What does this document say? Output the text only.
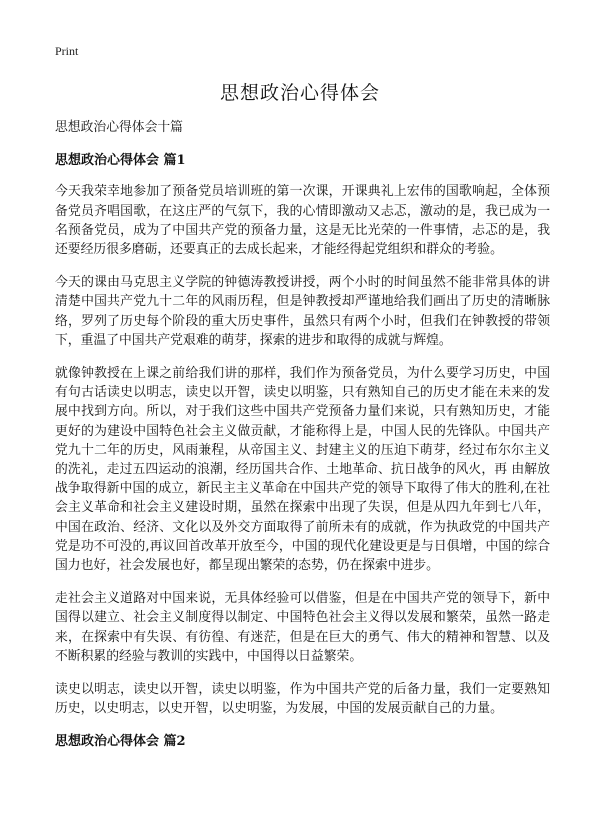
Print
思想政治心得体会

思想政治心得体会十篇

思想政治心得体会 篇1

今天我荣幸地参加了预备党员培训班的第一次课，开课典礼上宏伟的国歌响起，全体预备党员齐唱国歌，在这庄严的气氛下，我的心情即激动又忐忑，激动的是，我已成为一名预备党员，成为了中国共产党的预备力量，这是无比光荣的一件事情，忐忑的是，我还要经历很多磨砺，还要真正的去成长起来，才能经得起党组织和群众的考验。

今天的课由马克思主义学院的钟德涛教授讲授，两个小时的时间虽然不能非常具体的讲清楚中国共产党九十二年的风雨历程，但是钟教授却严谨地给我们画出了历史的清晰脉络，罗列了历史每个阶段的重大历史事件，虽然只有两个小时，但我们在钟教授的带领下，重温了中国共产党艰难的萌芽，探索的进步和取得的成就与辉煌。

就像钟教授在上课之前给我们讲的那样，我们作为预备党员，为什么要学习历史，中国有句古话读史以明志，读史以开智，读史以明鉴，只有熟知自己的历史才能在未来的发展中找到方向。所以，对于我们这些中国共产党预备力量们来说，只有熟知历史，才能更好的为建设中国特色社会主义做贡献，才能称得上是，中国人民的先锋队。中国共产党九十二年的历史，风雨兼程，从帝国主义、封建主义的压迫下萌芽，经过布尔尔主义的洗礼，走过五四运动的浪潮，经历国共合作、土地革命、抗日战争的风火，再 由解放战争取得新中国的成立，新民主主义革命在中国共产党的领导下取得了伟大的胜利,在社会主义革命和社会主义建设时期，虽然在探索中出现了失误，但是从四九年到七八年，中国在政治、经济、文化以及外交方面取得了前所未有的成就，作为执政党的中国共产党是功不可没的,再议回首改革开放至今，中国的现代化建设更是与日俱增，中国的综合国力也好，社会发展也好，都呈现出繁荣的态势，仍在探索中进步。

走社会主义道路对中国来说，无具体经验可以借鉴，但是在中国共产党的领导下，新中国得以建立、社会主义制度得以制定、中国特色社会主义得以发展和繁荣，虽然一路走来，在探索中有失误、有彷徨、有迷茫，但是在巨大的勇气、伟大的精神和智慧、以及不断积累的经验与教训的实践中，中国得以日益繁荣。

读史以明志，读史以开智，读史以明鉴，作为中国共产党的后备力量，我们一定要熟知历史，以史明志，以史开智，以史明鉴，为发展，中国的发展贡献自己的力量。

思想政治心得体会 篇2
